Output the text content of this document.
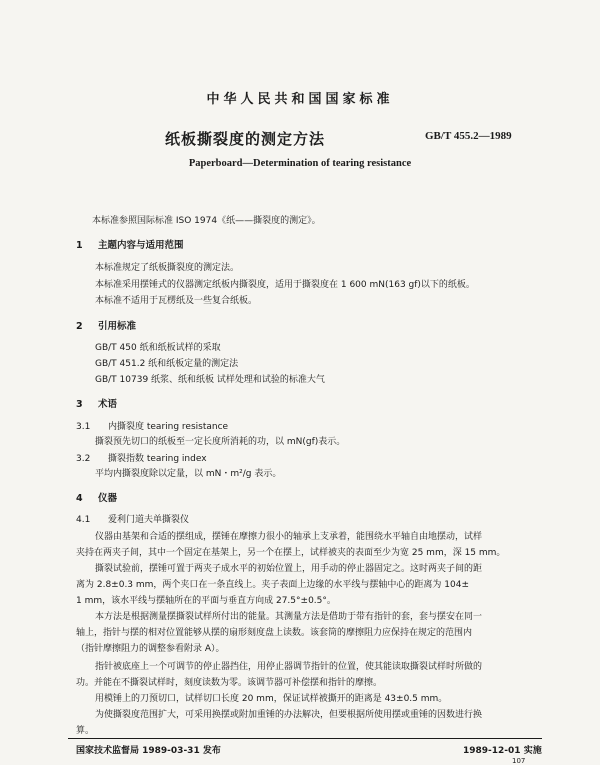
中华人民共和国国家标准
纸板撕裂度的测定方法	GB/T 455.2—1989
Paperboard—Determination of tearing resistance
本标准参照国际标准 ISO 1974《纸——撕裂度的测定》。
1 主题内容与适用范围
本标准规定了纸板撕裂度的测定法。
本标准采用摆锤式的仪器测定纸板内撕裂度，适用于撕裂度在 1 600 mN(163 gf)以下的纸板。
本标准不适用于瓦楞纸及一些复合纸板。
2 引用标准
GB/T 450 纸和纸板试样的采取
GB/T 451.2 纸和纸板定量的测定法
GB/T 10739 纸浆、纸和纸板 试样处理和试验的标准大气
3 术语
3.1 内撕裂度 tearing resistance
撕裂预先切口的纸板至一定长度所消耗的功，以 mN(gf)表示。
3.2 撕裂指数 tearing index
平均内撕裂度除以定量，以 mN・m²/g 表示。
4 仪器
4.1 爱利门道夫单撕裂仪
仪器由基架和合适的摆组成，摆锤在摩擦力很小的轴承上支承着，能围绕水平轴自由地摆动，试样
夹持在两夹子间，其中一个固定在基架上，另一个在摆上，试样被夹的表面至少为宽 25 mm，深 15 mm。
撕裂试验前，摆锤可置于两夹子成水平的初始位置上，用手动的停止器固定之。这时两夹子间的距
离为 2.8±0.3 mm，两个夹口在一条直线上。夹子表面上边缘的水平线与摆轴中心的距离为 104±
1 mm，该水平线与摆轴所在的平面与垂直方向成 27.5°±0.5°。
本方法是根据测量摆撕裂试样所付出的能量。其测量方法是借助于带有指针的套，套与摆安在同一
轴上，指针与摆的相对位置能够从摆的扇形刻度盘上读数。该套筒的摩擦阻力应保持在规定的范围内
（指针摩擦阻力的调整参看附录 A）。
指针被底座上一个可调节的停止器挡住，用停止器调节指针的位置，使其能读取撕裂试样时所做的
功。并能在不撕裂试样时，刻度读数为零。该调节器可补偿摆和指针的摩擦。
用模锤上的刀预切口，试样切口长度 20 mm，保证试样被撕开的距离是 43±0.5 mm。
为使撕裂度范围扩大，可采用换摆或附加重锤的办法解决，但要根据所使用摆或重锤的因数进行换
算。
国家技术监督局 1989-03-31 发布	1989-12-01 实施
107
